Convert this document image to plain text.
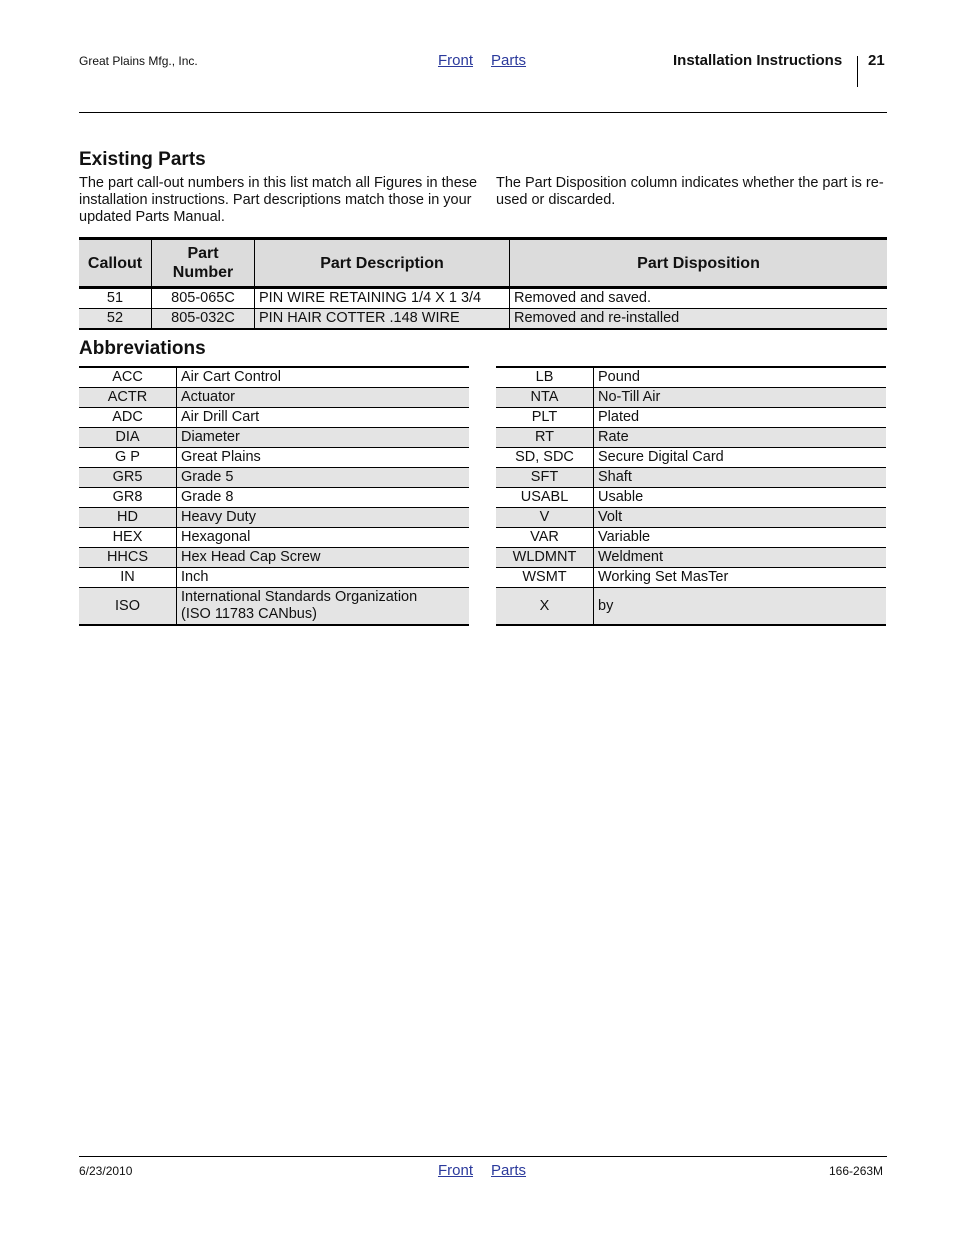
Great Plains Mfg., Inc.	Front Parts	Installation Instructions 21
Existing Parts
The part call-out numbers in this list match all Figures in these installation instructions. Part descriptions match those in your updated Parts Manual.
The Part Disposition column indicates whether the part is re-used or discarded.
Callout	Part Number	Part Description	Part Disposition
51	805-065C	PIN WIRE RETAINING 1/4 X 1 3/4	Removed and saved.
52	805-032C	PIN HAIR COTTER .148 WIRE	Removed and re-installed
Abbreviations
ACC	Air Cart Control
ACTR	Actuator
ADC	Air Drill Cart
DIA	Diameter
G P	Great Plains
GR5	Grade 5
GR8	Grade 8
HD	Heavy Duty
HEX	Hexagonal
HHCS	Hex Head Cap Screw
IN	Inch
ISO	International Standards Organization
(ISO 11783 CANbus)
LB	Pound
NTA	No-Till Air
PLT	Plated
RT	Rate
SD, SDC	Secure Digital Card
SFT	Shaft
USABL	Usable
V	Volt
VAR	Variable
WLDMNT	Weldment
WSMT	Working Set MasTer
X	by
6/23/2010	Front Parts	166-263M
